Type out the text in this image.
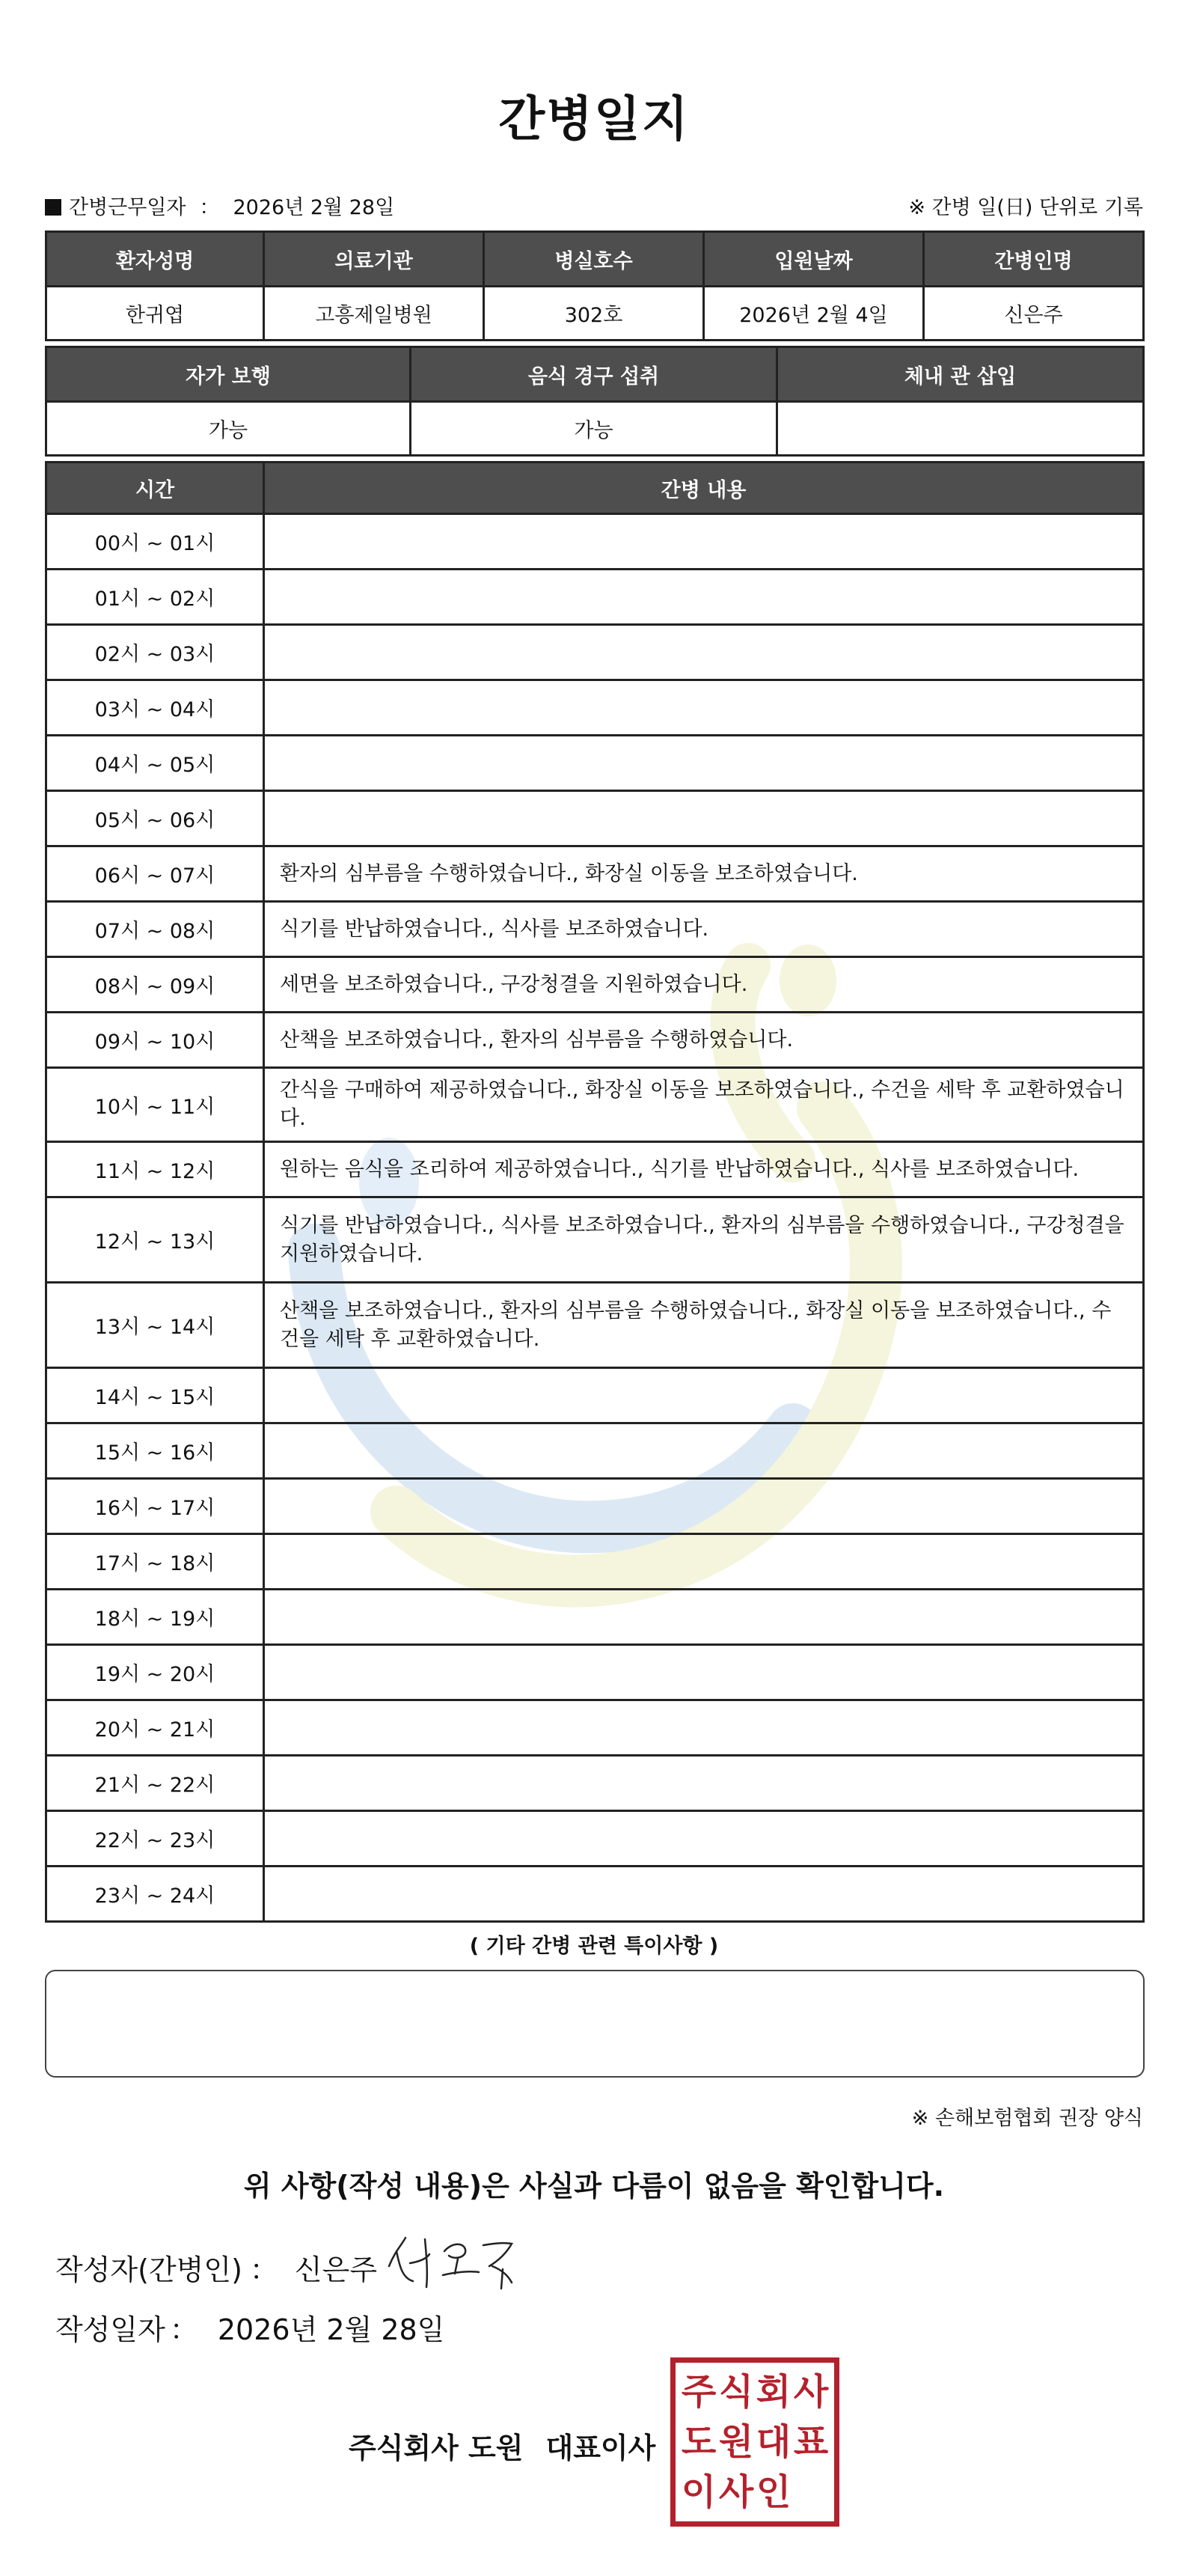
간병일지
간병근무일자 ： 2026년 2월 28일	※ 간병 일(日) 단위로 기록
환자성명	의료기관	병실호수	입원날짜	간병인명
한귀엽	고흥제일병원	302호	2026년 2월 4일	신은주
자가 보행	음식 경구 섭취	체내 관 삽입
가능	가능	
시간	간병 내용
00시 ~ 01시	
01시 ~ 02시	
02시 ~ 03시	
03시 ~ 04시	
04시 ~ 05시	
05시 ~ 06시	
06시 ~ 07시	환자의 심부름을 수행하였습니다., 화장실 이동을 보조하였습니다.
07시 ~ 08시	식기를 반납하였습니다., 식사를 보조하였습니다.
08시 ~ 09시	세면을 보조하였습니다., 구강청결을 지원하였습니다.
09시 ~ 10시	산책을 보조하였습니다., 환자의 심부름을 수행하였습니다.
10시 ~ 11시	간식을 구매하여 제공하였습니다., 화장실 이동을 보조하였습니다., 수건을 세탁 후 교환하였습니다.
11시 ~ 12시	원하는 음식을 조리하여 제공하였습니다., 식기를 반납하였습니다., 식사를 보조하였습니다.
12시 ~ 13시	식기를 반납하였습니다., 식사를 보조하였습니다., 환자의 심부름을 수행하였습니다., 구강청결을 지원하였습니다.
13시 ~ 14시	산책을 보조하였습니다., 환자의 심부름을 수행하였습니다., 화장실 이동을 보조하였습니다., 수건을 세탁 후 교환하였습니다.
14시 ~ 15시	
15시 ~ 16시	
16시 ~ 17시	
17시 ~ 18시	
18시 ~ 19시	
19시 ~ 20시	
20시 ~ 21시	
21시 ~ 22시	
22시 ~ 23시	
23시 ~ 24시	
( 기타 간병 관련 특이사항 )
※ 손해보험협회 권장 양식
위 사항(작성 내용)은 사실과 다름이 없음을 확인합니다.
작성자(간병인) ： 신은주
작성일자 ： 2026년 2월 28일
주식회사 도원 대표이사
주 식 회 사
도 원 대 표
이 사 인
